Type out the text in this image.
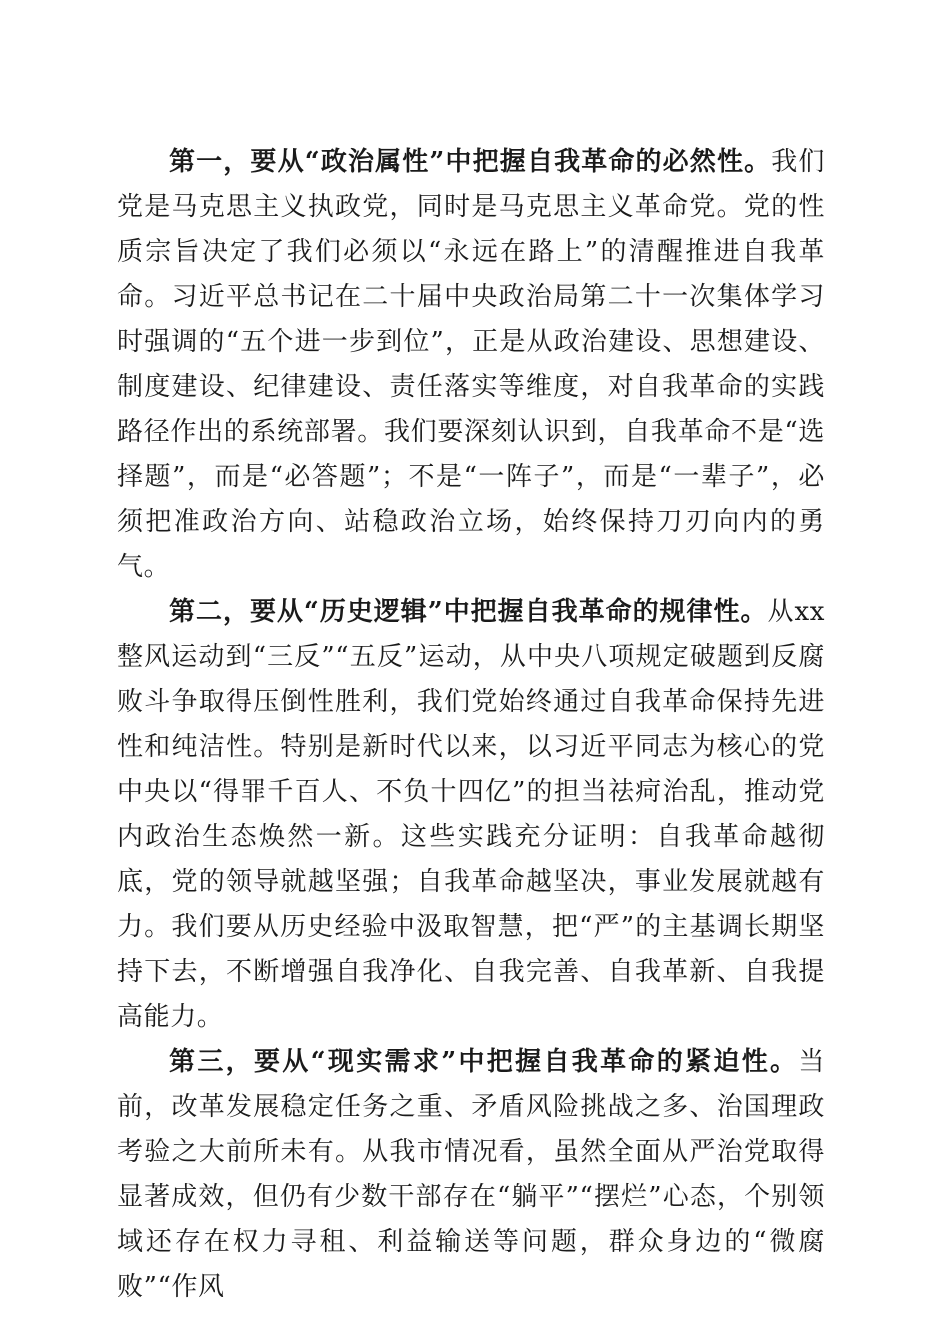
第一，要从“政治属性”中把握自我革命的必然性。我们党是马克思主义执政党，同时是马克思主义革命党。党的性质宗旨决定了我们必须以“永远在路上”的清醒推进自我革命。习近平总书记在二十届中央政治局第二十一次集体学习时强调的“五个进一步到位”，正是从政治建设、思想建设、制度建设、纪律建设、责任落实等维度，对自我革命的实践路径作出的系统部署。我们要深刻认识到，自我革命不是“选择题”，而是“必答题”；不是“一阵子”，而是“一辈子”，必须把准政治方向、站稳政治立场，始终保持刀刃向内的勇气。

第二，要从“历史逻辑”中把握自我革命的规律性。从xx整风运动到“三反”“五反”运动，从中央八项规定破题到反腐败斗争取得压倒性胜利，我们党始终通过自我革命保持先进性和纯洁性。特别是新时代以来，以习近平同志为核心的党中央以“得罪千百人、不负十四亿”的担当祛疴治乱，推动党内政治生态焕然一新。这些实践充分证明：自我革命越彻底，党的领导就越坚强；自我革命越坚决，事业发展就越有力。我们要从历史经验中汲取智慧，把“严”的主基调长期坚持下去，不断增强自我净化、自我完善、自我革新、自我提高能力。

第三，要从“现实需求”中把握自我革命的紧迫性。当前，改革发展稳定任务之重、矛盾风险挑战之多、治国理政考验之大前所未有。从我市情况看，虽然全面从严治党取得显著成效，但仍有少数干部存在“躺平”“摆烂”心态，个别领域还存在权力寻租、利益输送等问题，群众身边的“微腐败”“作风
